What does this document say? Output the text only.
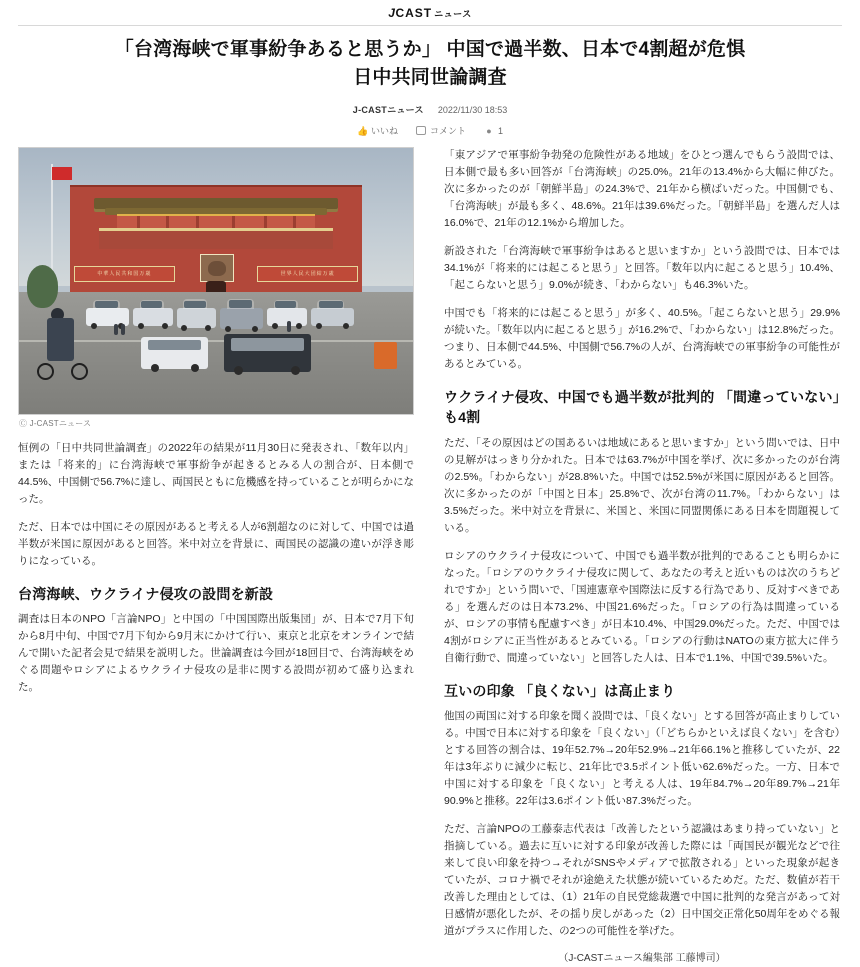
J CAST ニュース
「台湾海峡で軍事紛争あると思うか」 中国で過半数、日本で4割超が危惧
日中共同世論調査
J-CASTニュース 2022/11/30 18:53
👍 いいね	コメント ● 1
中華人民共和国万歳	世界人民大団結万歳
Ⓒ J-CASTニュース

恒例の「日中共同世論調査」の2022年の結果が11月30日に発表され、「数年以内」または「将来的」に台湾海峡で軍事紛争が起きるとみる人の割合が、日本側で44.5%、中国側で56.7%に達し、両国民ともに危機感を持っていることが明らかになった。

ただ、日本では中国にその原因があると考える人が6割超なのに対して、中国では過半数が米国に原因があると回答。米中対立を背景に、両国民の認識の違いが浮き彫りになっている。

台湾海峡、ウクライナ侵攻の設問を新設

調査は日本のNPO「言論NPO」と中国の「中国国際出版集団」が、日本で7月下旬から8月中旬、中国で7月下旬から9月末にかけて行い、東京と北京をオンラインで結んで開いた記者会見で結果を説明した。世論調査は今回が18回目で、台湾海峡をめぐる問題やロシアによるウクライナ侵攻の是非に関する設問が初めて盛り込まれた。

「東アジアで軍事紛争勃発の危険性がある地域」をひとつ選んでもらう設問では、日本側で最も多い回答が「台湾海峡」の25.0%。21年の13.4%から大幅に伸びた。次に多かったのが「朝鮮半島」の24.3%で、21年から横ばいだった。中国側でも、「台湾海峡」が最も多く、48.6%。21年は39.6%だった。「朝鮮半島」を選んだ人は16.0%で、21年の12.1%から増加した。

新設された「台湾海峡で軍事紛争はあると思いますか」という設問では、日本では34.1%が「将来的には起こると思う」と回答。「数年以内に起こると思う」10.4%、「起こらないと思う」9.0%が続き、「わからない」も46.3%いた。

中国でも「将来的には起こると思う」が多く、40.5%。「起こらないと思う」29.9%が続いた。「数年以内に起こると思う」が16.2%で、「わからない」は12.8%だった。つまり、日本側で44.5%、中国側で56.7%の人が、台湾海峡での軍事紛争の可能性があるとみている。

ウクライナ侵攻、中国でも過半数が批判的 「間違っていない」も4割

ただ、「その原因はどの国あるいは地域にあると思いますか」という問いでは、日中の見解がはっきり分かれた。日本では63.7%が中国を挙げ、次に多かったのが台湾の2.5%。「わからない」が28.8%いた。中国では52.5%が米国に原因があると回答。次に多かったのが「中国と日本」25.8%で、次が台湾の11.7%。「わからない」は3.5%だった。米中対立を背景に、米国と、米国に同盟関係にある日本を問題視している。

ロシアのウクライナ侵攻について、中国でも過半数が批判的であることも明らかになった。「ロシアのウクライナ侵攻に関して、あなたの考えと近いものは次のうちどれですか」という問いで、「国連憲章や国際法に反する行為であり、反対すべきである」を選んだのは日本73.2%、中国21.6%だった。「ロシアの行為は間違っているが、ロシアの事情も配慮すべき」が日本10.4%、中国29.0%だった。ただ、中国では4割がロシアに正当性があるとみている。「ロシアの行動はNATOの東方拡大に伴う自衛行動で、間違っていない」と回答した人は、日本で1.1%、中国で39.5%いた。

互いの印象 「良くない」は高止まり

他国の両国に対する印象を聞く設問では、「良くない」とする回答が高止まりしている。中国で日本に対する印象を「良くない」（「どちらかといえば良くない」を含む）とする回答の割合は、19年52.7%→20年52.9%→21年66.1%と推移していたが、22年は3年ぶりに減少に転じ、21年比で3.5ポイント低い62.6%だった。一方、日本で中国に対する印象を「良くない」と考える人は、19年84.7%→20年89.7%→21年90.9%と推移。22年は3.6ポイント低い87.3%だった。

ただ、言論NPOの工藤泰志代表は「改善したという認識はあまり持っていない」と指摘している。過去に互いに対する印象が改善した際には「両国民が観光などで往来して良い印象を持つ→それがSNSやメディアで拡散される」といった現象が起きていたが、コロナ禍でそれが途絶えた状態が続いているためだ。ただ、数値が若干改善した理由としては、（1）21年の自民党総裁選で中国に批判的な発言があって対日感情が悪化したが、その揺り戻しがあった（2）日中国交正常化50周年をめぐる報道がプラスに作用した、の2つの可能性を挙げた。

（J-CASTニュース編集部 工藤博司）
